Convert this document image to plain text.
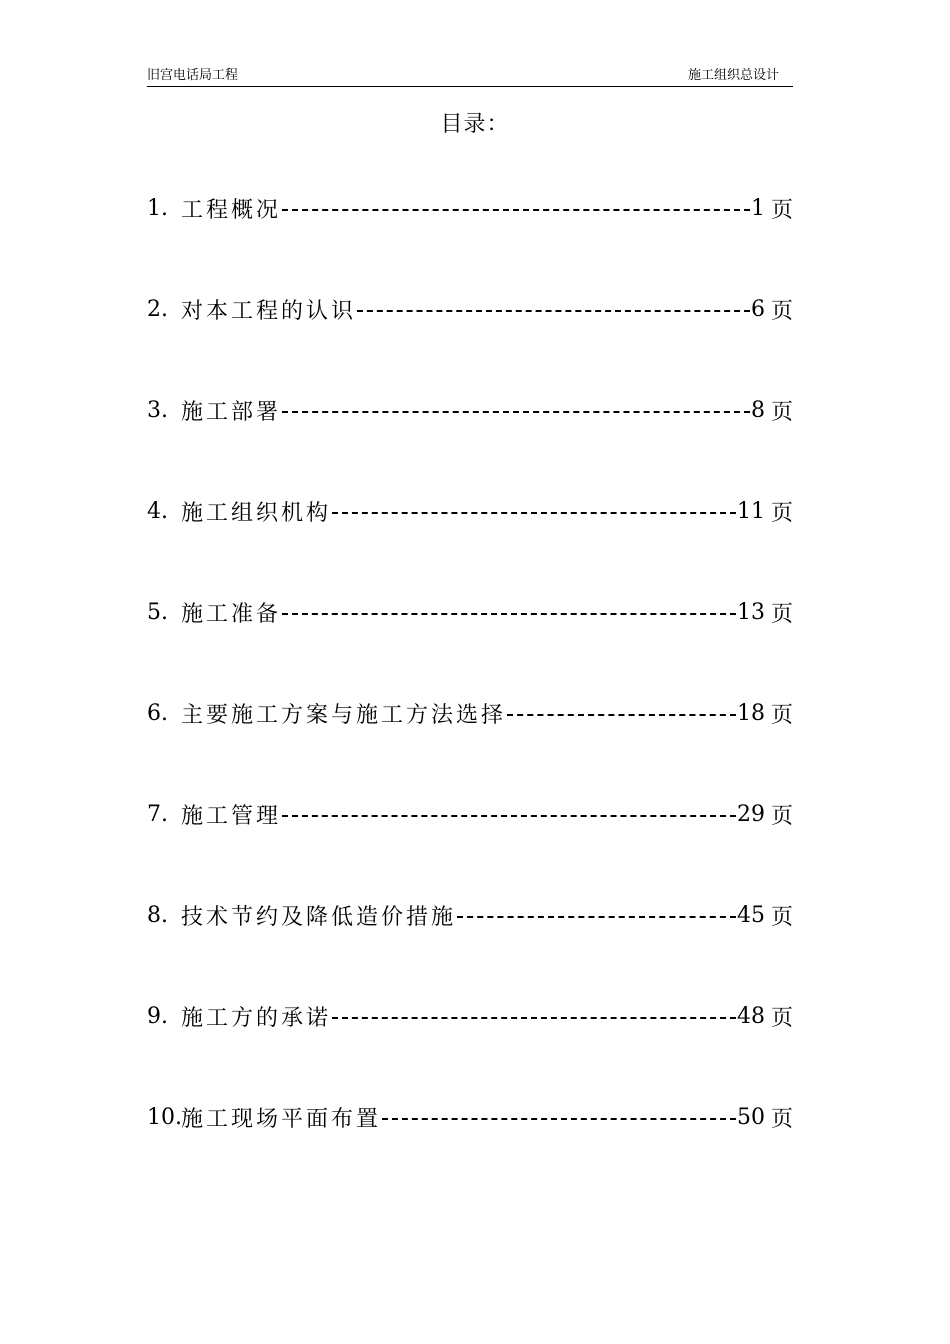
旧宫电话局工程	施工组织总设计
目录：
1. 工程概况	1 页
2. 对本工程的认识	6 页
3. 施工部署	8 页
4. 施工组织机构	11 页
5. 施工准备	13 页
6. 主要施工方案与施工方法选择	18 页
7. 施工管理	29 页
8. 技术节约及降低造价措施	45 页
9. 施工方的承诺	48 页
10. 施工现场平面布置	50 页
